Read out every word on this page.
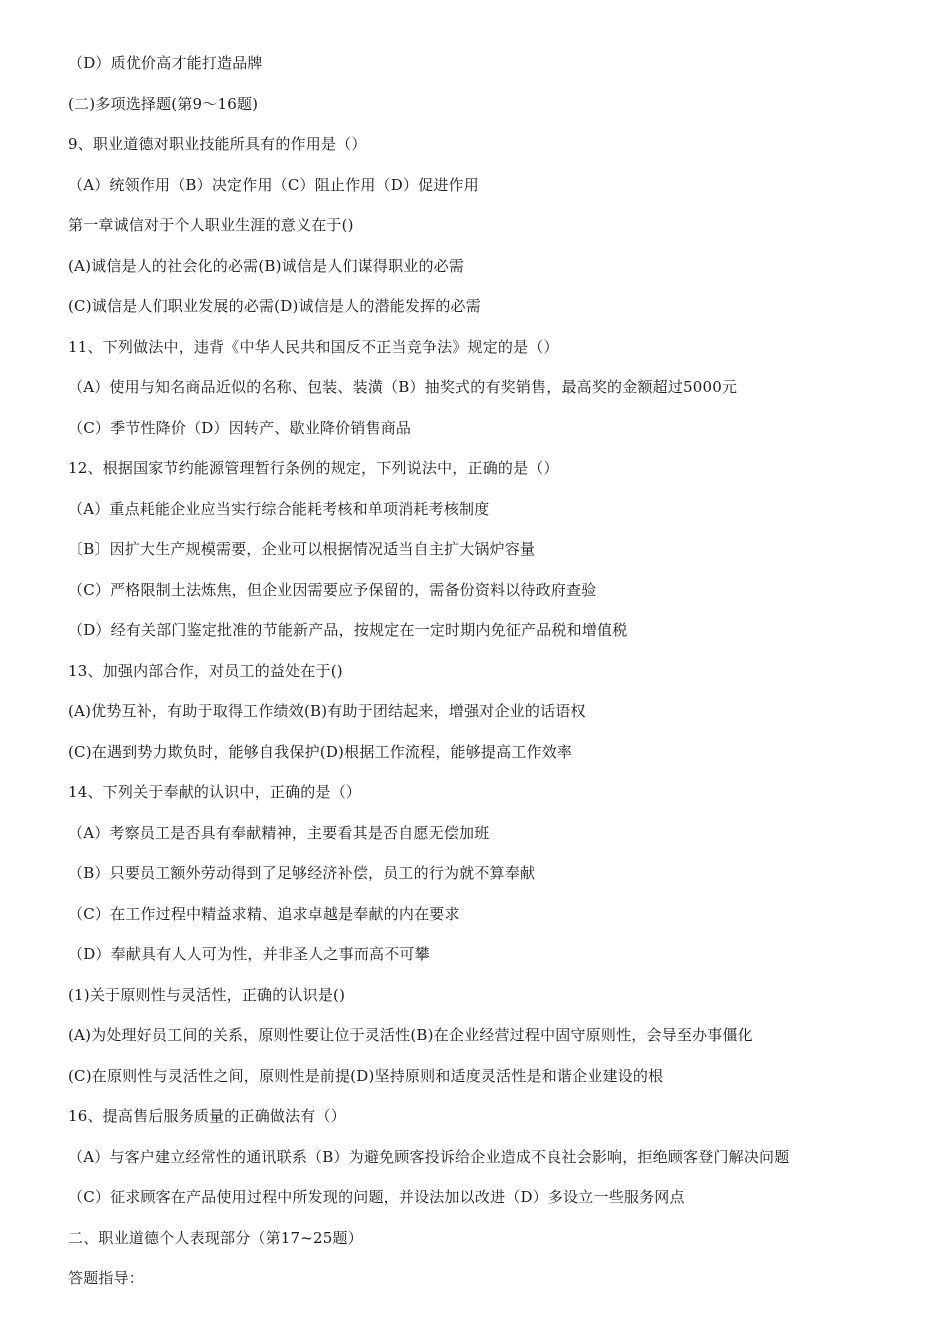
（D）质优价高才能打造品牌
(二)多项选择题(第9～16题)
9、职业道德对职业技能所具有的作用是（）
（A）统领作用（B）决定作用（C）阻止作用（D）促进作用
第一章诚信对于个人职业生涯的意义在于()
(A)诚信是人的社会化的必需(B)诚信是人们谋得职业的必需
(C)诚信是人们职业发展的必需(D)诚信是人的潜能发挥的必需
11、下列做法中，违背《中华人民共和国反不正当竞争法》规定的是（）
（A）使用与知名商品近似的名称、包装、装潢（B）抽奖式的有奖销售，最高奖的金额超过5000元
（C）季节性降价（D）因转产、歇业降价销售商品
12、根据国家节约能源管理暂行条例的规定，下列说法中，正确的是（）
（A）重点耗能企业应当实行综合能耗考核和单项消耗考核制度
〔B〕因扩大生产规模需要，企业可以根据情况适当自主扩大锅炉容量
（C）严格限制土法炼焦，但企业因需要应予保留的，需备份资料以待政府查验
（D）经有关部门鉴定批准的节能新产品，按规定在一定时期内免征产品税和增值税
13、加强内部合作，对员工的益处在于()
(A)优势互补，有助于取得工作绩效(B)有助于团结起来，增强对企业的话语权
(C)在遇到势力欺负时，能够自我保护(D)根据工作流程，能够提高工作效率
14、下列关于奉献的认识中，正确的是（）
（A）考察员工是否具有奉献精神，主要看其是否自愿无偿加班
（B）只要员工额外劳动得到了足够经济补偿，员工的行为就不算奉献
（C）在工作过程中精益求精、追求卓越是奉献的内在要求
（D）奉献具有人人可为性，并非圣人之事而高不可攀
(1)关于原则性与灵活性，正确的认识是()
(A)为处理好员工间的关系，原则性要让位于灵活性(B)在企业经营过程中固守原则性，会导至办事僵化
(C)在原则性与灵活性之间，原则性是前提(D)坚持原则和适度灵活性是和谐企业建设的根
16、提高售后服务质量的正确做法有（）
（A）与客户建立经常性的通讯联系（B）为避免顾客投诉给企业造成不良社会影响，拒绝顾客登门解决问题
（C）征求顾客在产品使用过程中所发现的问题，并设法加以改进（D）多设立一些服务网点
二、职业道德个人表现部分（第17~25题）
答题指导：
